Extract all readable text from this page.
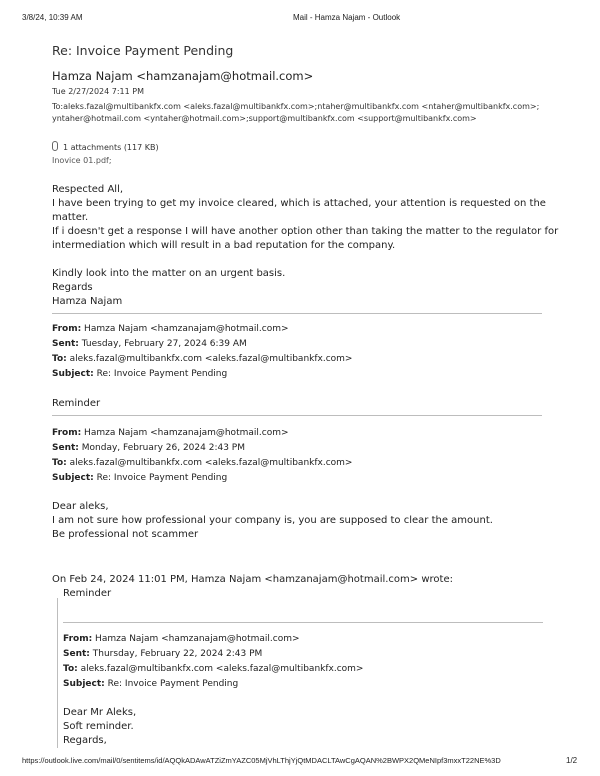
3/8/24, 10:39 AM	Mail - Hamza Najam - Outlook
Re: Invoice Payment Pending
Hamza Najam <hamzanajam@hotmail.com>
Tue 2/27/2024 7:11 PM
To:aleks.fazal@multibankfx.com <aleks.fazal@multibankfx.com>;ntaher@multibankfx.com <ntaher@multibankfx.com>;
yntaher@hotmail.com <yntaher@hotmail.com>;support@multibankfx.com <support@multibankfx.com>
1 attachments (117 KB)
Inovice 01.pdf;
Respected All,
I have been trying to get my invoice cleared, which is attached, your attention is requested on the
matter.
If i doesn't get a response I will have another option other than taking the matter to the regulator for
intermediation which will result in a bad reputation for the company.
Kindly look into the matter on an urgent basis.
Regards
Hamza Najam
From: Hamza Najam <hamzanajam@hotmail.com>
Sent: Tuesday, February 27, 2024 6:39 AM
To: aleks.fazal@multibankfx.com <aleks.fazal@multibankfx.com>
Subject: Re: Invoice Payment Pending
Reminder
From: Hamza Najam <hamzanajam@hotmail.com>
Sent: Monday, February 26, 2024 2:43 PM
To: aleks.fazal@multibankfx.com <aleks.fazal@multibankfx.com>
Subject: Re: Invoice Payment Pending
Dear aleks,
I am not sure how professional your company is, you are supposed to clear the amount.
Be professional not scammer
On Feb 24, 2024 11:01 PM, Hamza Najam <hamzanajam@hotmail.com> wrote:
Reminder
From: Hamza Najam <hamzanajam@hotmail.com>
Sent: Thursday, February 22, 2024 2:43 PM
To: aleks.fazal@multibankfx.com <aleks.fazal@multibankfx.com>
Subject: Re: Invoice Payment Pending
Dear Mr Aleks,
Soft reminder.
Regards,
https://outlook.live.com/mail/0/sentitems/id/AQQkADAwATZiZmYAZC05MjVhLThjYjQtMDACLTAwCgAQAN%2BWPX2QMeNIpf3mxxT22NE%3D	1/2
